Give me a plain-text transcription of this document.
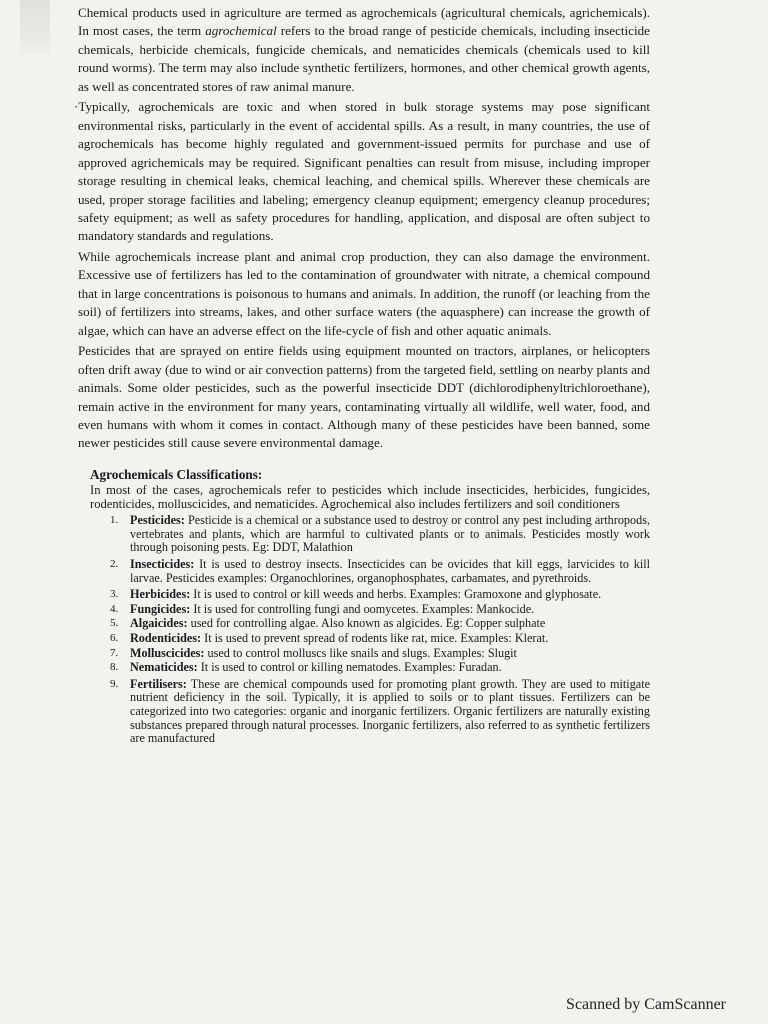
Chemical products used in agriculture are termed as agrochemicals (agricultural chemicals, agrichemicals). In most cases, the term agrochemical refers to the broad range of pesticide chemicals, including insecticide chemicals, herbicide chemicals, fungicide chemicals, and nematicides chemicals (chemicals used to kill round worms). The term may also include synthetic fertilizers, hormones, and other chemical growth agents, as well as concentrated stores of raw animal manure.

·Typically, agrochemicals are toxic and when stored in bulk storage systems may pose significant environmental risks, particularly in the event of accidental spills. As a result, in many countries, the use of agrochemicals has become highly regulated and government-issued permits for purchase and use of approved agrichemicals may be required. Significant penalties can result from misuse, including improper storage resulting in chemical leaks, chemical leaching, and chemical spills. Wherever these chemicals are used, proper storage facilities and labeling; emergency cleanup equipment; emergency cleanup procedures; safety equipment; as well as safety procedures for handling, application, and disposal are often subject to mandatory standards and regulations.

While agrochemicals increase plant and animal crop production, they can also damage the environment. Excessive use of fertilizers has led to the contamination of groundwater with nitrate, a chemical compound that in large concentrations is poisonous to humans and animals. In addition, the runoff (or leaching from the soil) of fertilizers into streams, lakes, and other surface waters (the aquasphere) can increase the growth of algae, which can have an adverse effect on the life-cycle of fish and other aquatic animals.

Pesticides that are sprayed on entire fields using equipment mounted on tractors, airplanes, or helicopters often drift away (due to wind or air convection patterns) from the targeted field, settling on nearby plants and animals. Some older pesticides, such as the powerful insecticide DDT (dichlorodiphenyltrichloroethane), remain active in the environment for many years, contaminating virtually all wildlife, well water, food, and even humans with whom it comes in contact. Although many of these pesticides have been banned, some newer pesticides still cause severe environmental damage.

Agrochemicals Classifications:
In most of the cases, agrochemicals refer to pesticides which include insecticides, herbicides, fungicides, rodenticides, molluscicides, and nematicides. Agrochemical also includes fertilizers and soil conditioners
1. Pesticides: Pesticide is a chemical or a substance used to destroy or control any pest including arthropods, vertebrates and plants, which are harmful to cultivated plants or to animals. Pesticides mostly work through poisoning pests. Eg: DDT, Malathion
2. Insecticides: It is used to destroy insects. Insecticides can be ovicides that kill eggs, larvicides to kill larvae. Pesticides examples: Organochlorines, organophosphates, carbamates, and pyrethroids.
3. Herbicides: It is used to control or kill weeds and herbs. Examples: Gramoxone and glyphosate.
4. Fungicides: It is used for controlling fungi and oomycetes. Examples: Mankocide.
5. Algaicides: used for controlling algae. Also known as algicides. Eg: Copper sulphate
6. Rodenticides: It is used to prevent spread of rodents like rat, mice. Examples: Klerat.
7. Molluscicides: used to control molluscs like snails and slugs. Examples: Slugit
8. Nematicides: It is used to control or killing nematodes. Examples: Furadan.
9. Fertilisers: These are chemical compounds used for promoting plant growth. They are used to mitigate nutrient deficiency in the soil. Typically, it is applied to soils or to plant tissues. Fertilizers can be categorized into two categories: organic and inorganic fertilizers. Organic fertilizers are naturally existing substances prepared through natural processes. Inorganic fertilizers, also referred to as synthetic fertilizers are manufactured
Scanned by CamScanner
